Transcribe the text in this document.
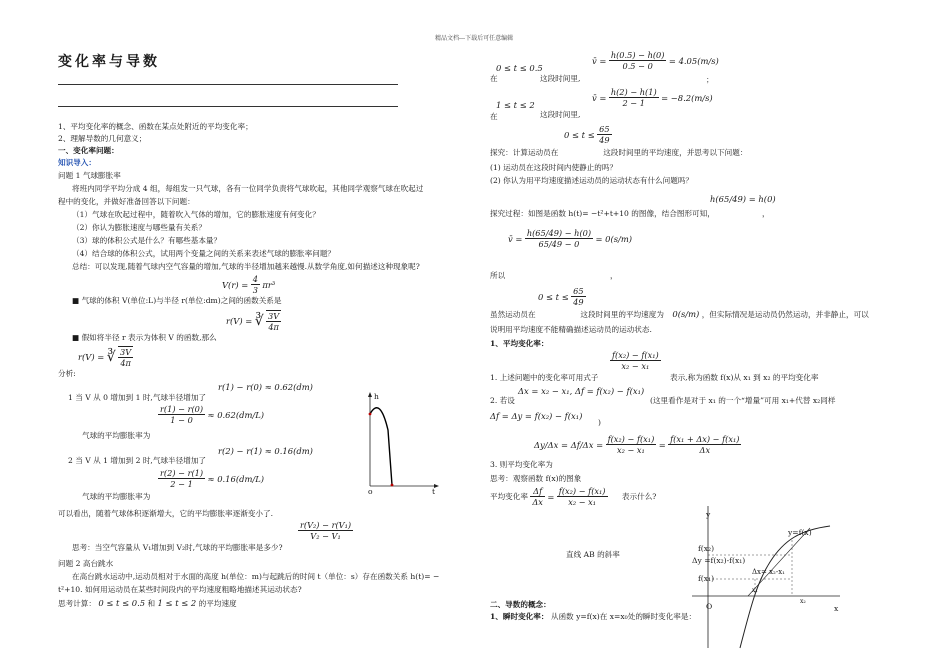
精品文档---下载后可任意编辑
变化率与导数
1、平均变化率的概念、函数在某点处附近的平均变化率；
2、理解导数的几何意义；
一、变化率问题：
知识导入：
问题 1 气球膨胀率
将班内同学平均分成 4 组，每组发一只气球，各有一位同学负责将气球吹起，其他同学观察气球在吹起过
程中的变化，并做好准备回答以下问题：
（1）气球在吹起过程中，随着吹入气体的增加，它的膨胀速度有何变化？
（2）你认为膨胀速度与哪些量有关系？
（3）球的体积公式是什么？有哪些基本量？
（4）结合球的体积公式，试用两个变量之间的关系来表述气球的膨胀率问题？
总结：可以发现,随着气球内空气容量的增加,气球的半径增加越来越慢.从数学角度,如何描述这种现象呢?
$V(r) = \frac{4}{3} \pi r^3$
■ 气球的体积 V(单位:L)与半径 r(单位:dm)之间的函数关系是
r(V) = ∛ $\frac{3V}{4\pi}$
■ 假如将半径 r 表示为体积 V 的函数,那么
r(V) = ∛ $\frac{3V}{4\pi}$
分析:
1 当 V 从 0 增加到 1 时,气球半径增加了
r(1) − r(0) ≈ 0.62(dm)
$\frac{r(1) - r(0)}{1 - 0} \approx 0.62(dm/L)$
气球的平均膨胀率为
2 当 V 从 1 增加到 2 时,气球半径增加了
r(2) − r(1) ≈ 0.16(dm)
$\frac{r(2) - r(1)}{2 - 1} \approx 0.16(dm/L)$
气球的平均膨胀率为
h
o	t
可以看出，随着气球体积逐渐增大，它的平均膨胀率逐渐变小了.
$\frac{\text{r(V₂) − r(V₁)}}{\text{V₂ − V₁}}$
思考：当空气容量从 V₁增加到 V₂时,气球的平均膨胀率是多少?
问题 2 高台跳水
在高台跳水运动中,运动员相对于水面的高度 h(单位：m)与起跳后的时间 t（单位：s）存在函数关系 h(t)= −
t²+10. 如何用运动员在某些时间段内的平均速度粗略地描述其运动状态?
思考计算： 0 ≤ t ≤ 0.5 和 1 ≤ t ≤ 2 的平均速度
0 ≤ t ≤ 0.5
在	这段时间里,
v̄ = $\frac{h(0.5) - h(0)}{0.5 - 0} = 4.05(m/s)$
；
1 ≤ t ≤ 2
在	这段时间里,
v̄ = $\frac{h(2) - h(1)}{2 - 1} = -8.2(m/s)$
$0 \le t \le \frac{65}{49}$
探究：计算运动员在	这段时间里的平均速度，并思考以下问题：
(1) 运动员在这段时间内使静止的吗？
(2) 你认为用平均速度描述运动员的运动状态有什么问题吗？
h(65/49) = h(0)
探究过程：如图是函数 h(t)= −t²+t+10 的图像，结合图形可知，	，
v̄ = $\frac{h(65/49) - h(0)}{65/49 - 0} = 0(s/m)$
所以	，
$0 \le t \le \frac{65}{49}$
虽然运动员在	这段时间里的平均速度为 0(s/m) ，但实际情况是运动员仍然运动，并非静止，可以
说明用平均速度不能精确描述运动员的运动状态.
1、平均变化率：
$\frac{\text{f(x₂) − f(x₁)}}{\text{x₂ − x₁}}$
1. 上述问题中的变化率可用式子	表示,称为函数 f(x)从 x₁ 到 x₂ 的平均变化率
2. 若设
Δx = x₂ − x₁, Δf = f(x₂) − f(x₁)
(这里看作是对于 x₁ 的一个“增量”可用 x₁+代替 x₂同样
Δf = Δy = f(x₂) − f(x₁)
)
$\Delta y/\Delta x = \Delta f/\Delta x = \frac{\text{f(x₂) − f(x₁)}}{\text{x₂ − x₁}} = \frac{\text{f(x₁ + Δx) − f(x₁)}}{\Delta x}$
3. 则平均变化率为
思考：观察函数 f(x)的图象
平均变化率 $\frac{\Delta f}{\Delta x} = \frac{\text{f(x₂) − f(x₁)}}{\text{x₂ − x₁}}$ 表示什么?
直线 AB 的斜率
y
y=f(x)
f(x₂)
Δy =f(x₂)-f(x₁)
f(x₁)
Δx= x₂-x₁
x₁
x₂
O	x
二、导数的概念：
1、瞬时变化率： 从函数 y=f(x)在 x=x₀处的瞬时变化率是：
